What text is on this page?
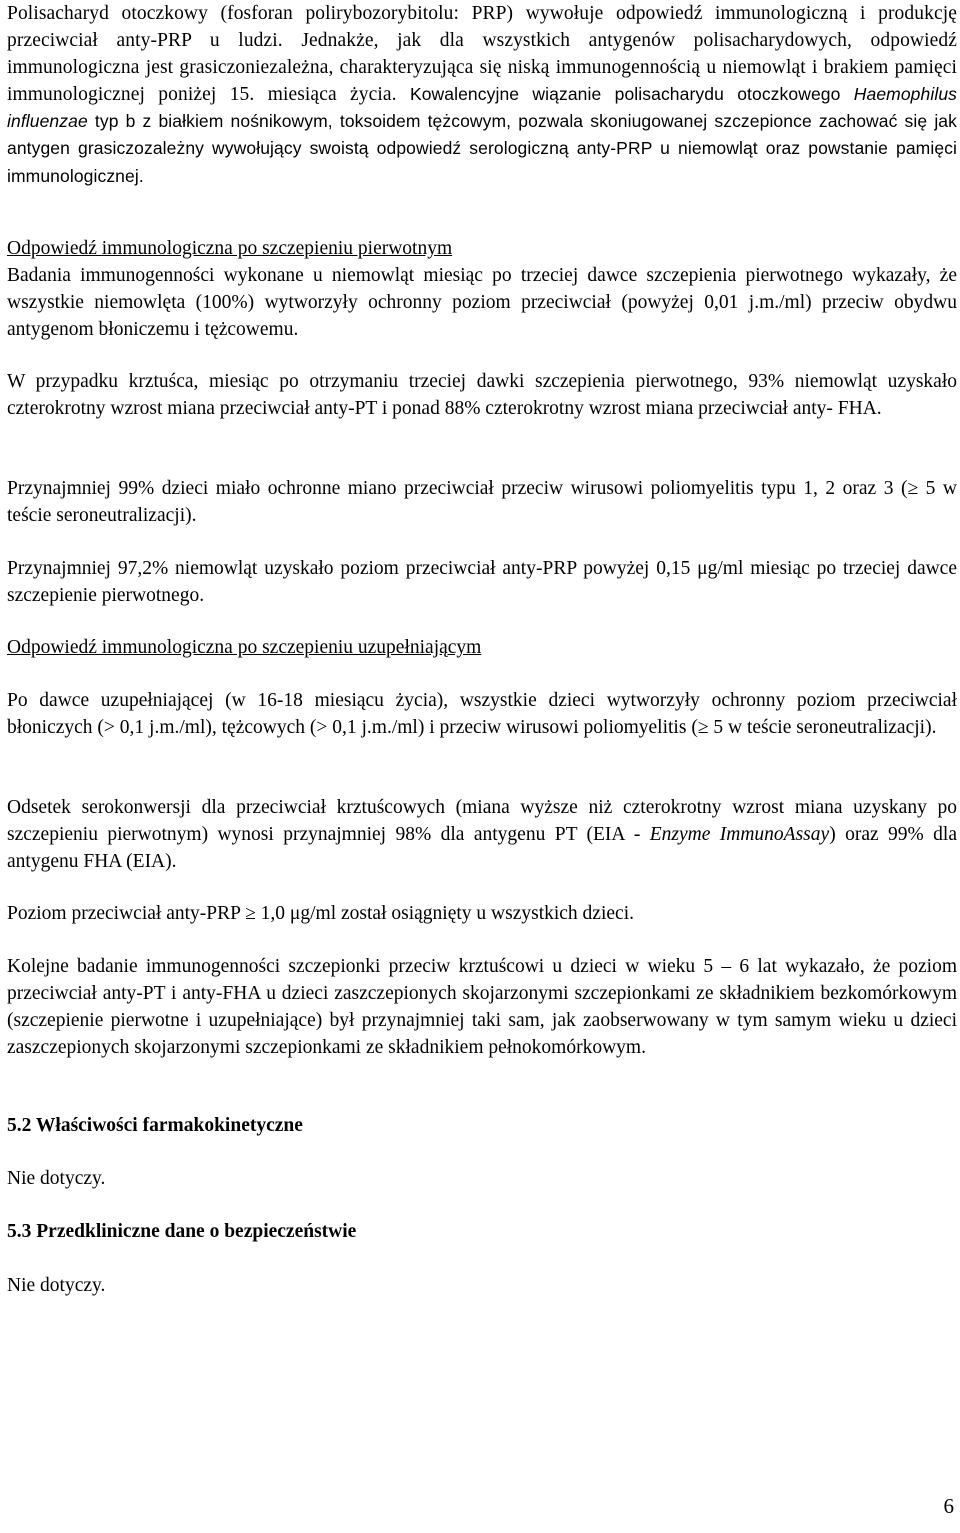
Polisacharyd otoczkowy (fosforan polirybozorybitolu: PRP) wywołuje odpowiedź immunologiczną i produkcję przeciwciał anty-PRP u ludzi. Jednakże, jak dla wszystkich antygenów polisacharydowych, odpowiedź immunologiczna jest grasiczoniezależna, charakteryzująca się niską immunogennością u niemowląt i brakiem pamięci immunologicznej poniżej 15. miesiąca życia. Kowalencyjne wiązanie polisacharydu otoczkowego Haemophilus influenzae typ b z białkiem nośnikowym, toksoidem tężcowym, pozwala skoniugowanej szczepionce zachować się jak antygen grasiczozależny wywołujący swoistą odpowiedź serologiczną anty-PRP u niemowląt oraz powstanie pamięci immunologicznej.

Odpowiedź immunologiczna po szczepieniu pierwotnym

Badania immunogenności wykonane u niemowląt miesiąc po trzeciej dawce szczepienia pierwotnego wykazały, że wszystkie niemowlęta (100%) wytworzyły ochronny poziom przeciwciał (powyżej 0,01 j.m./ml) przeciw obydwu antygenom błoniczemu i tężcowemu.

W przypadku krztuśca, miesiąc po otrzymaniu trzeciej dawki szczepienia pierwotnego, 93% niemowląt uzyskało czterokrotny wzrost miana przeciwciał anty-PT i ponad 88% czterokrotny wzrost miana przeciwciał anty- FHA.

Przynajmniej 99% dzieci miało ochronne miano przeciwciał przeciw wirusowi poliomyelitis typu 1, 2 oraz 3 (≥ 5 w teście seroneutralizacji).

Przynajmniej 97,2% niemowląt uzyskało poziom przeciwciał anty-PRP powyżej 0,15 μg/ml miesiąc po trzeciej dawce szczepienie pierwotnego.

Odpowiedź immunologiczna po szczepieniu uzupełniającym

Po dawce uzupełniającej (w 16-18 miesiącu życia), wszystkie dzieci wytworzyły ochronny poziom przeciwciał błoniczych (> 0,1 j.m./ml), tężcowych (> 0,1 j.m./ml) i przeciw wirusowi poliomyelitis (≥ 5 w teście seroneutralizacji).

Odsetek serokonwersji dla przeciwciał krztuścowych (miana wyższe niż czterokrotny wzrost miana uzyskany po szczepieniu pierwotnym) wynosi przynajmniej 98% dla antygenu PT (EIA - Enzyme ImmunoAssay) oraz 99% dla antygenu FHA (EIA).

Poziom przeciwciał anty-PRP ≥ 1,0 μg/ml został osiągnięty u wszystkich dzieci.

Kolejne badanie immunogenności szczepionki przeciw krztuścowi u dzieci w wieku 5 – 6 lat wykazało, że poziom przeciwciał anty-PT i anty-FHA u dzieci zaszczepionych skojarzonymi szczepionkami ze składnikiem bezkomórkowym (szczepienie pierwotne i uzupełniające) był przynajmniej taki sam, jak zaobserwowany w tym samym wieku u dzieci zaszczepionych skojarzonymi szczepionkami ze składnikiem pełnokomórkowym.

5.2 Właściwości farmakokinetyczne

Nie dotyczy.

5.3 Przedkliniczne dane o bezpieczeństwie

Nie dotyczy.

6
